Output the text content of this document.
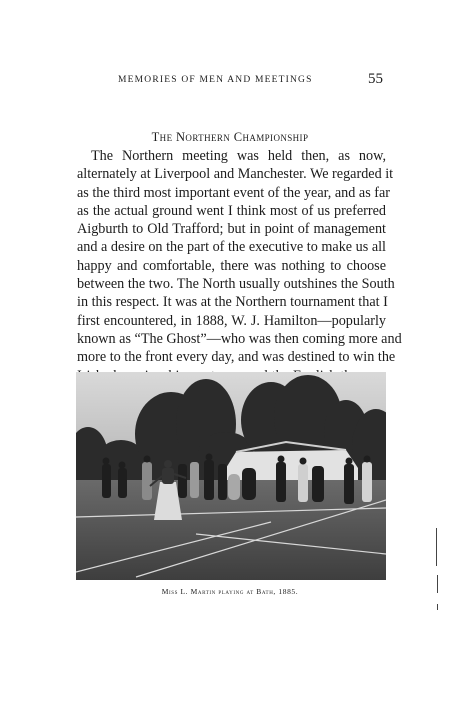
MEMORIES OF MEN AND MEETINGS	55
The Northern Championship
The Northern meeting was held then, as now,
alternately at Liverpool and Manchester. We regarded it
as the third most important event of the year, and as far
as the actual ground went I think most of us preferred
Aigburth to Old Trafford; but in point of management
and a desire on the part of the executive to make us all
happy and comfortable, there was nothing to choose
between the two. The North usually outshines the South
in this respect. It was at the Northern tournament that I
first encountered, in 1888, W. J. Hamilton—popularly
known as “The Ghost”—who was then coming more and
more to the front every day, and was destined to win the
Miss L. Martin playing at Bath, 1885.
